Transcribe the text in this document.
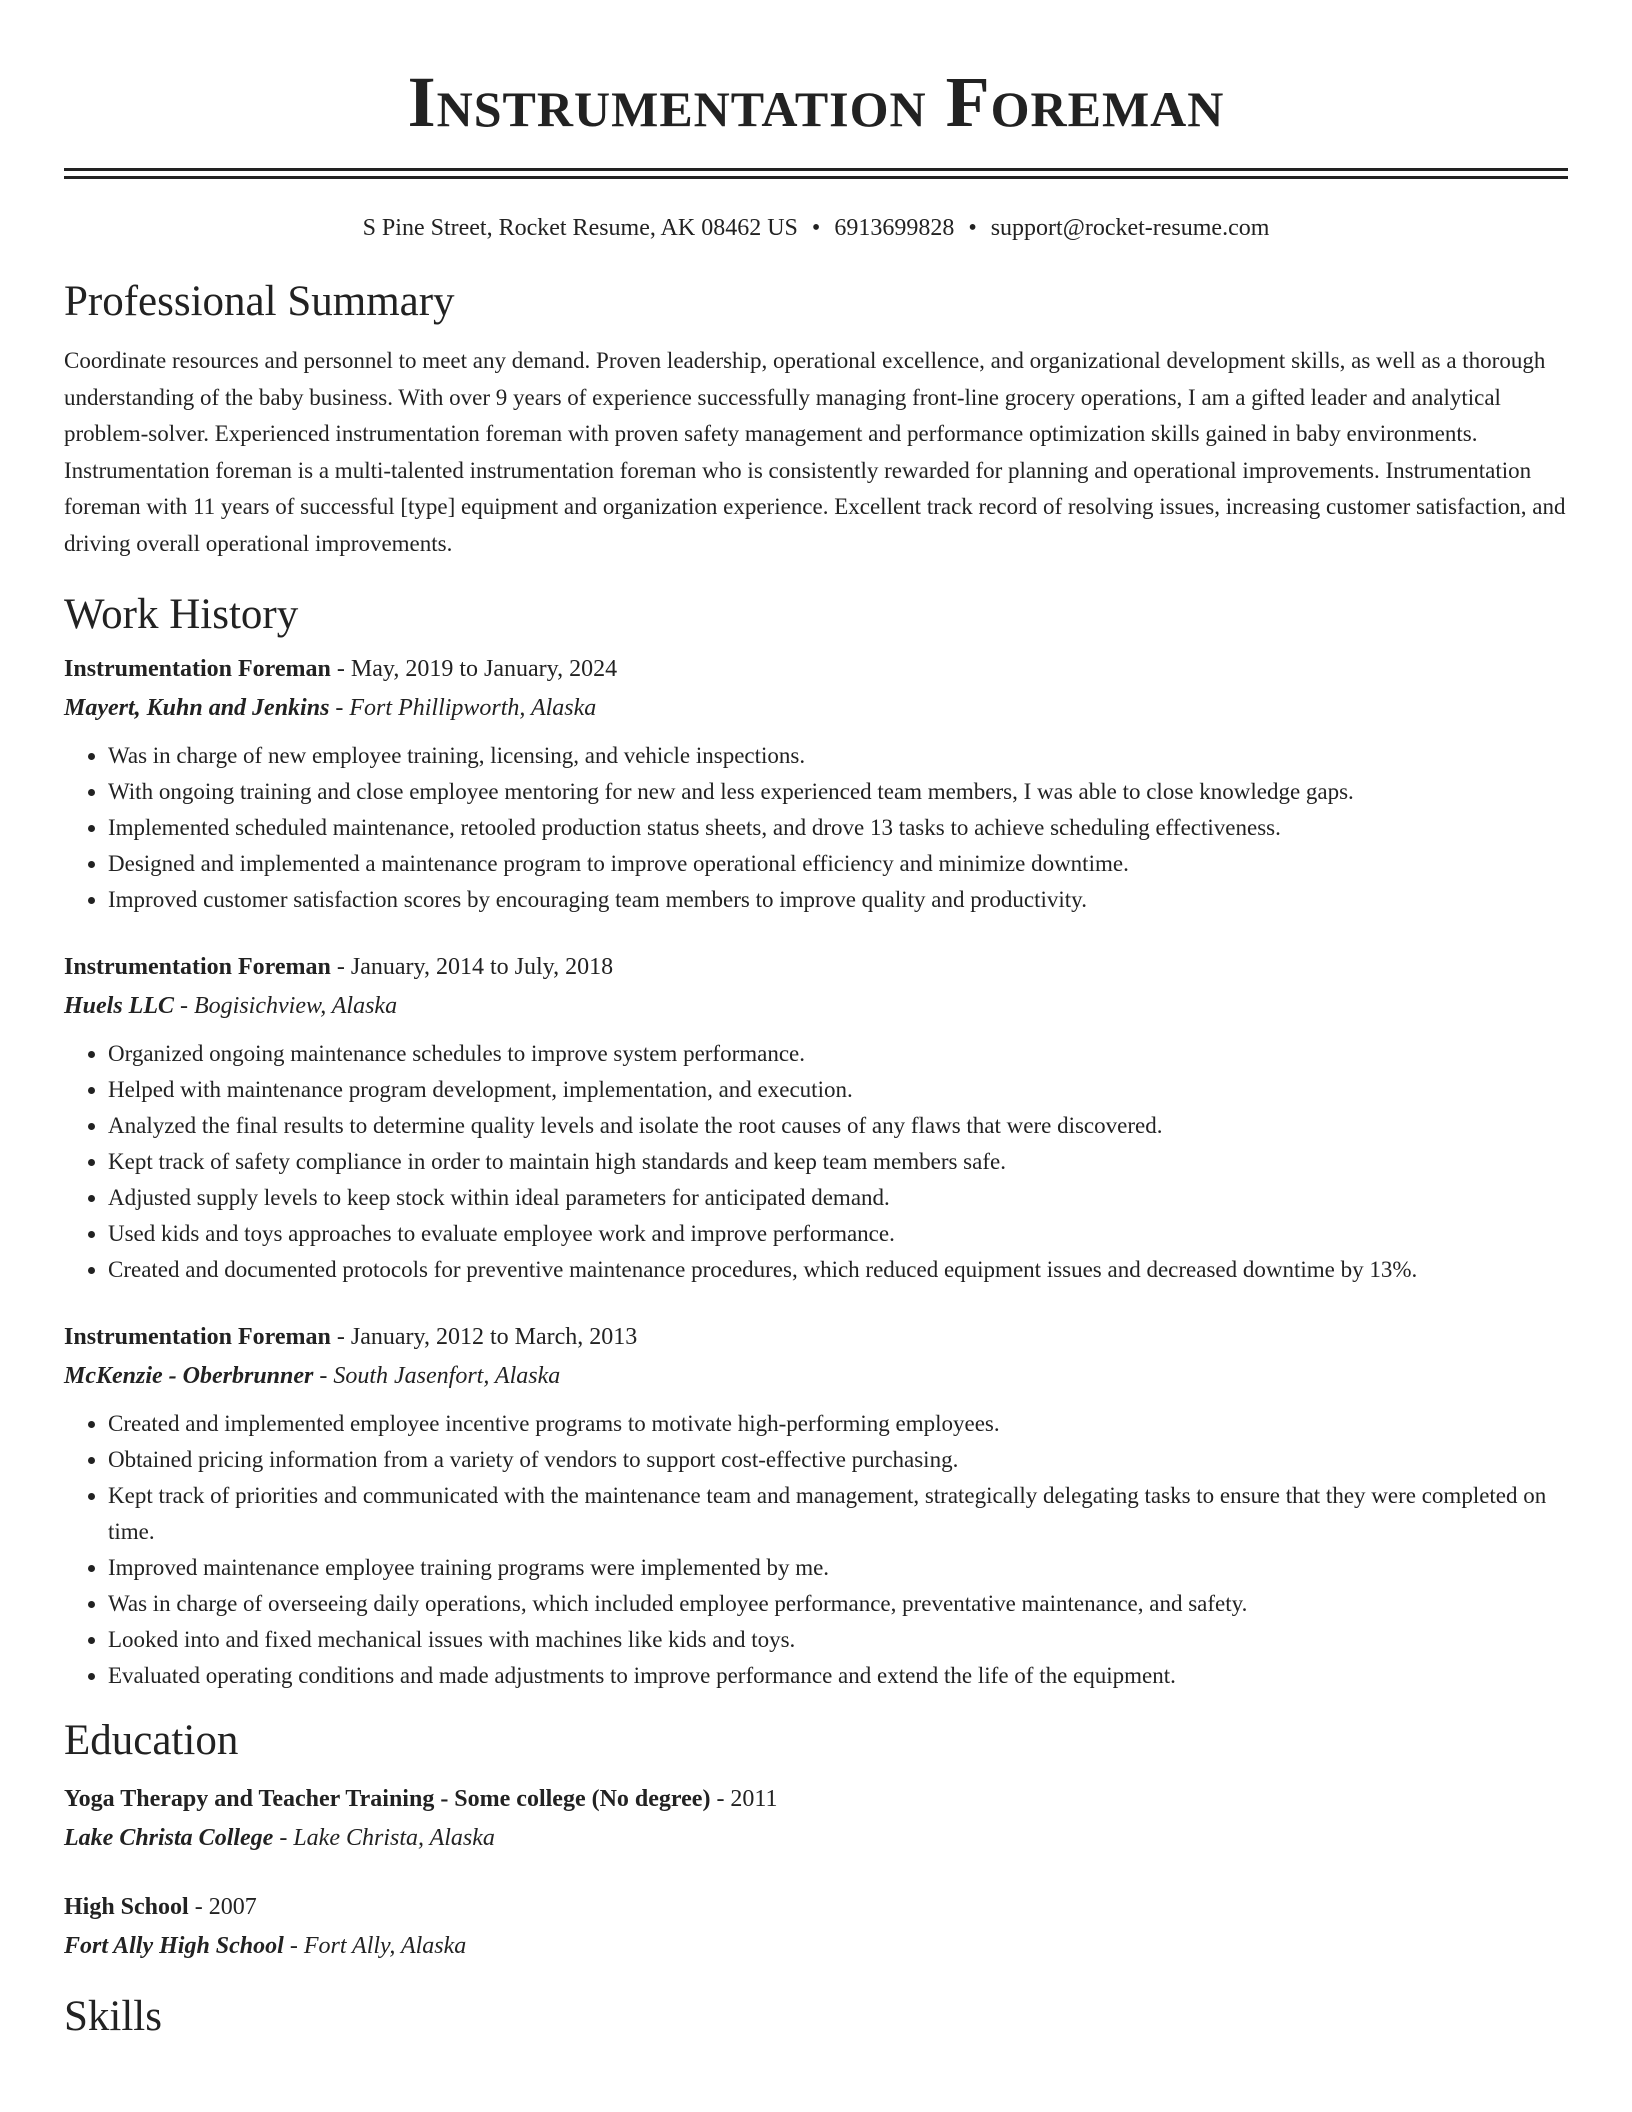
Instrumentation Foreman
S Pine Street, Rocket Resume, AK 08462 US • 6913699828 • support@rocket-resume.com
Professional Summary

Coordinate resources and personnel to meet any demand. Proven leadership, operational excellence, and organizational development skills, as well as a thorough understanding of the baby business. With over 9 years of experience successfully managing front-line grocery operations, I am a gifted leader and analytical problem-solver. Experienced instrumentation foreman with proven safety management and performance optimization skills gained in baby environments. Instrumentation foreman is a multi-talented instrumentation foreman who is consistently rewarded for planning and operational improvements. Instrumentation foreman with 11 years of successful [type] equipment and organization experience. Excellent track record of resolving issues, increasing customer satisfaction, and driving overall operational improvements.

Work History
Instrumentation Foreman - May, 2019 to January, 2024
Mayert, Kuhn and Jenkins - Fort Phillipworth, Alaska
• Was in charge of new employee training, licensing, and vehicle inspections.
• With ongoing training and close employee mentoring for new and less experienced team members, I was able to close knowledge gaps.
• Implemented scheduled maintenance, retooled production status sheets, and drove 13 tasks to achieve scheduling effectiveness.
• Designed and implemented a maintenance program to improve operational efficiency and minimize downtime.
• Improved customer satisfaction scores by encouraging team members to improve quality and productivity.
Instrumentation Foreman - January, 2014 to July, 2018
Huels LLC - Bogisichview, Alaska
• Organized ongoing maintenance schedules to improve system performance.
• Helped with maintenance program development, implementation, and execution.
• Analyzed the final results to determine quality levels and isolate the root causes of any flaws that were discovered.
• Kept track of safety compliance in order to maintain high standards and keep team members safe.
• Adjusted supply levels to keep stock within ideal parameters for anticipated demand.
• Used kids and toys approaches to evaluate employee work and improve performance.
• Created and documented protocols for preventive maintenance procedures, which reduced equipment issues and decreased downtime by 13%.
Instrumentation Foreman - January, 2012 to March, 2013
McKenzie - Oberbrunner - South Jasenfort, Alaska
• Created and implemented employee incentive programs to motivate high-performing employees.
• Obtained pricing information from a variety of vendors to support cost-effective purchasing.
• Kept track of priorities and communicated with the maintenance team and management, strategically delegating tasks to ensure that they were completed on time.
• Improved maintenance employee training programs were implemented by me.
• Was in charge of overseeing daily operations, which included employee performance, preventative maintenance, and safety.
• Looked into and fixed mechanical issues with machines like kids and toys.
• Evaluated operating conditions and made adjustments to improve performance and extend the life of the equipment.
Education
Yoga Therapy and Teacher Training - Some college (No degree) - 2011
Lake Christa College - Lake Christa, Alaska
High School - 2007
Fort Ally High School - Fort Ally, Alaska
Skills
